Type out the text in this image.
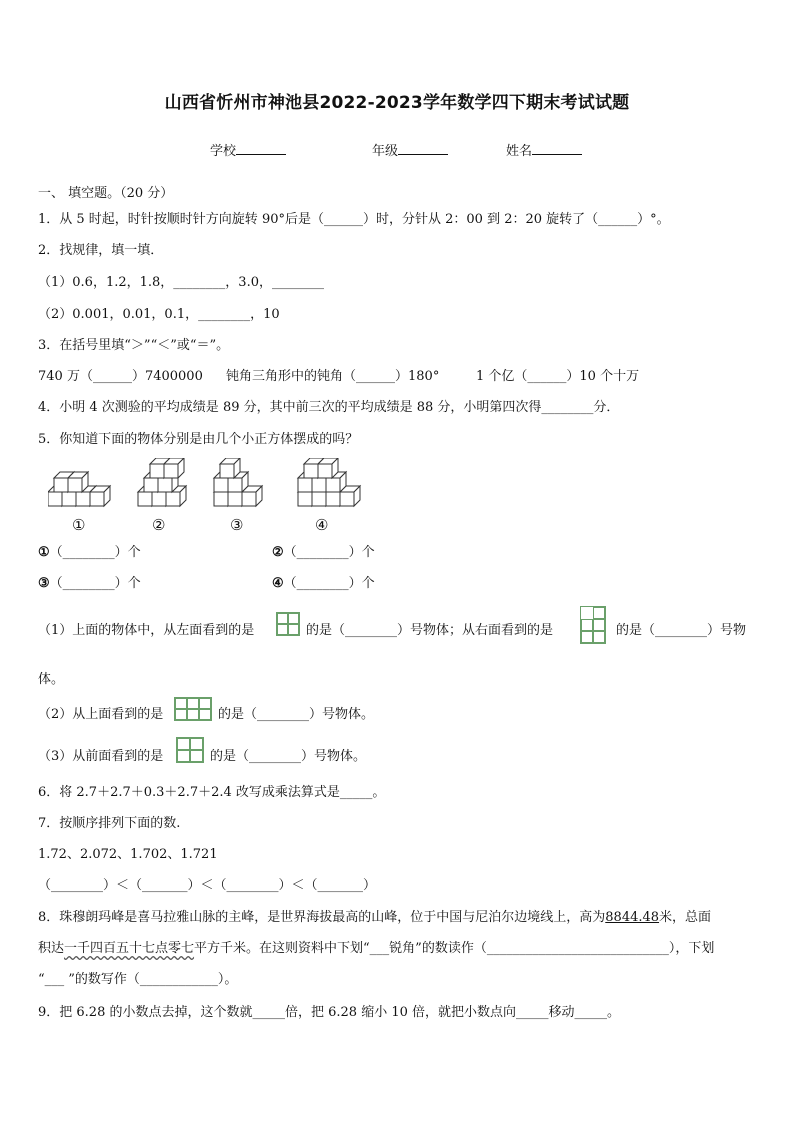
山西省忻州市神池县2022-2023学年数学四下期末考试试题
学校	年级	姓名
一、 填空题。（20 分）
1．从 5 时起，时针按顺时针方向旋转 90°后是（______）时，分针从 2：00 到 2：20 旋转了（______）°。
2．找规律，填一填．
（1）0.6，1.2，1.8，________，3.0，________
（2）0.001，0.01，0.1，________，10
3．在括号里填“＞”“＜”或“＝”。
740 万（______）7400000 钝角三角形中的钝角（______）180°	1 个亿（______）10 个十万
4．小明 4 次测验的平均成绩是 89 分，其中前三次的平均成绩是 88 分，小明第四次得________分．
5．你知道下面的物体分别是由几个小正方体摆成的吗？
①	②	③	④
①（________）个	②（________）个
③（________）个	④（________）个
（1）上面的物体中，从左面看到的是	的是（________）号物体；从右面看到的是	的是（________）号物
体。
（2）从上面看到的是	的是（________）号物体。
（3）从前面看到的是	的是（________）号物体。
6．将 2.7＋2.7＋0.3＋2.7＋2.4 改写成乘法算式是_____。
7．按顺序排列下面的数.
1.72、2.072、1.702、1.721
（________）＜（_______）＜（________）＜（_______）
8．珠穆朗玛峰是喜马拉雅山脉的主峰，是世界海拔最高的山峰，位于中国与尼泊尔边境线上，高为8844.48米，总面
积达一千四百五十七点零七平方千米。在这则资料中下划“___锐角”的数读作（____________________________），下划
“___ ”的数写作（____________）。
9．把 6.28 的小数点去掉，这个数就_____倍，把 6.28 缩小 10 倍，就把小数点向_____移动_____。
